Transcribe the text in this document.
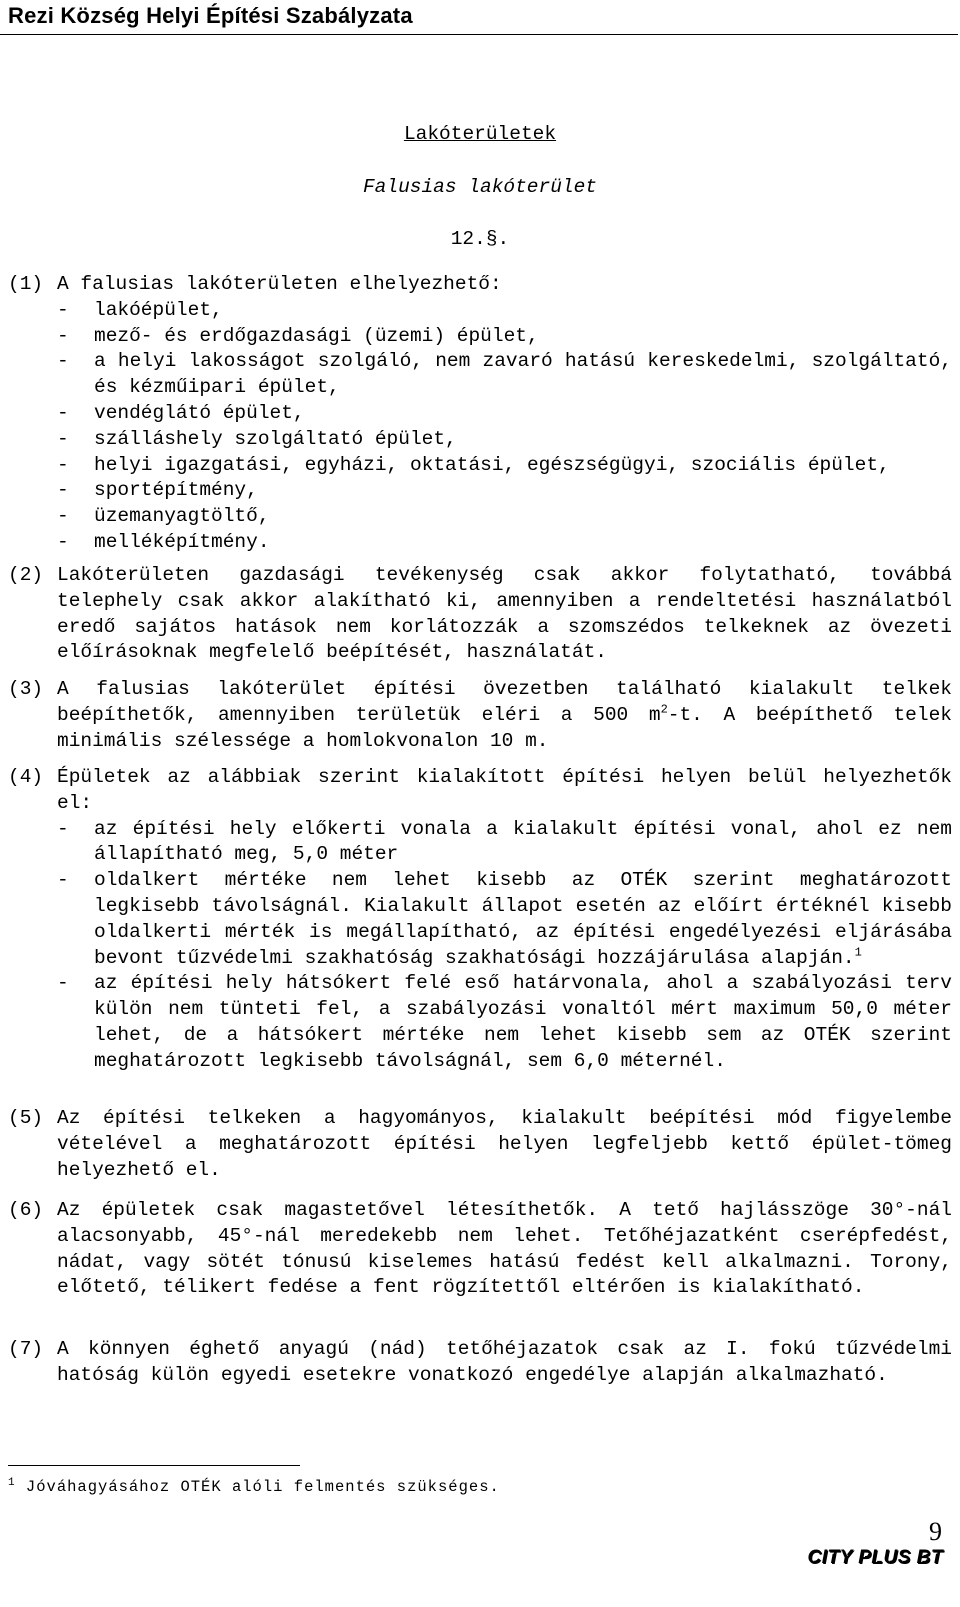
Rezi Község Helyi Építési Szabályzata
Lakóterületek
Falusias lakóterület
12.§.
(1) A falusias lakóterületen elhelyezhető:
-	lakóépület,
-	mező- és erdőgazdasági (üzemi) épület,
-	a helyi lakosságot szolgáló, nem zavaró hatású kereskedelmi, szolgáltató, és kézműipari épület,
-	vendéglátó épület,
-	szálláshely szolgáltató épület,
-	helyi igazgatási, egyházi, oktatási, egészségügyi, szociális épület,
-	sportépítmény,
-	üzemanyagtöltő,
-	melléképítmény.
(2) Lakóterületen gazdasági tevékenység csak akkor folytatható, továbbá telephely csak akkor alakítható ki, amennyiben a rendeltetési használatból eredő sajátos hatások nem korlátozzák a szomszédos telkeknek az övezeti előírásoknak megfelelő beépítését, használatát.
(3) A falusias lakóterület építési övezetben található kialakult telkek beépíthetők, amennyiben területük eléri a 500 $m^2-t$. A beépíthető telek minimális szélessége a homlokvonalon 10 m.
(4) Épületek az alábbiak szerint kialakított építési helyen belül helyezhetők el:
-	az építési hely előkerti vonala a kialakult építési vonal, ahol ez nem állapítható meg, 5,0 méter
-	oldalkert mértéke nem lehet kisebb az OTÉK szerint meghatározott legkisebb távolságnál. Kialakult állapot esetén az előírt értéknél kisebb oldalkerti mérték is megállapítható, az építési engedélyezési eljárásába bevont tűzvédelmi szakhatóság szakhatósági hozzájárulása alapján.$^1$
-	az építési hely hátsókert felé eső határvonala, ahol a szabályozási terv külön nem tünteti fel, a szabályozási vonaltól mért maximum 50,0 méter lehet, de a hátsókert mértéke nem lehet kisebb sem az OTÉK szerint meghatározott legkisebb távolságnál, sem 6,0 méternél.
(5) Az építési telkeken a hagyományos, kialakult beépítési mód figyelembe vételével a meghatározott építési helyen legfeljebb kettő épület-tömeg helyezhető el.
(6) Az épületek csak magastetővel létesíthetők. A tető hajlásszöge 30°-nál alacsonyabb, 45°-nál meredekebb nem lehet. Tetőhéjazatként cserépfedést, nádat, vagy sötét tónusú kiselemes hatású fedést kell alkalmazni. Torony, előtető, télikert fedése a fent rögzítettől eltérően is kialakítható.
(7) A könnyen éghető anyagú (nád) tetőhéjazatok csak az I. fokú tűzvédelmi hatóság külön egyedi esetekre vonatkozó engedélye alapján alkalmazható.
$^1$ Jóváhagyásához OTÉK alóli felmentés szükséges.
9
CITY PLUS BT
